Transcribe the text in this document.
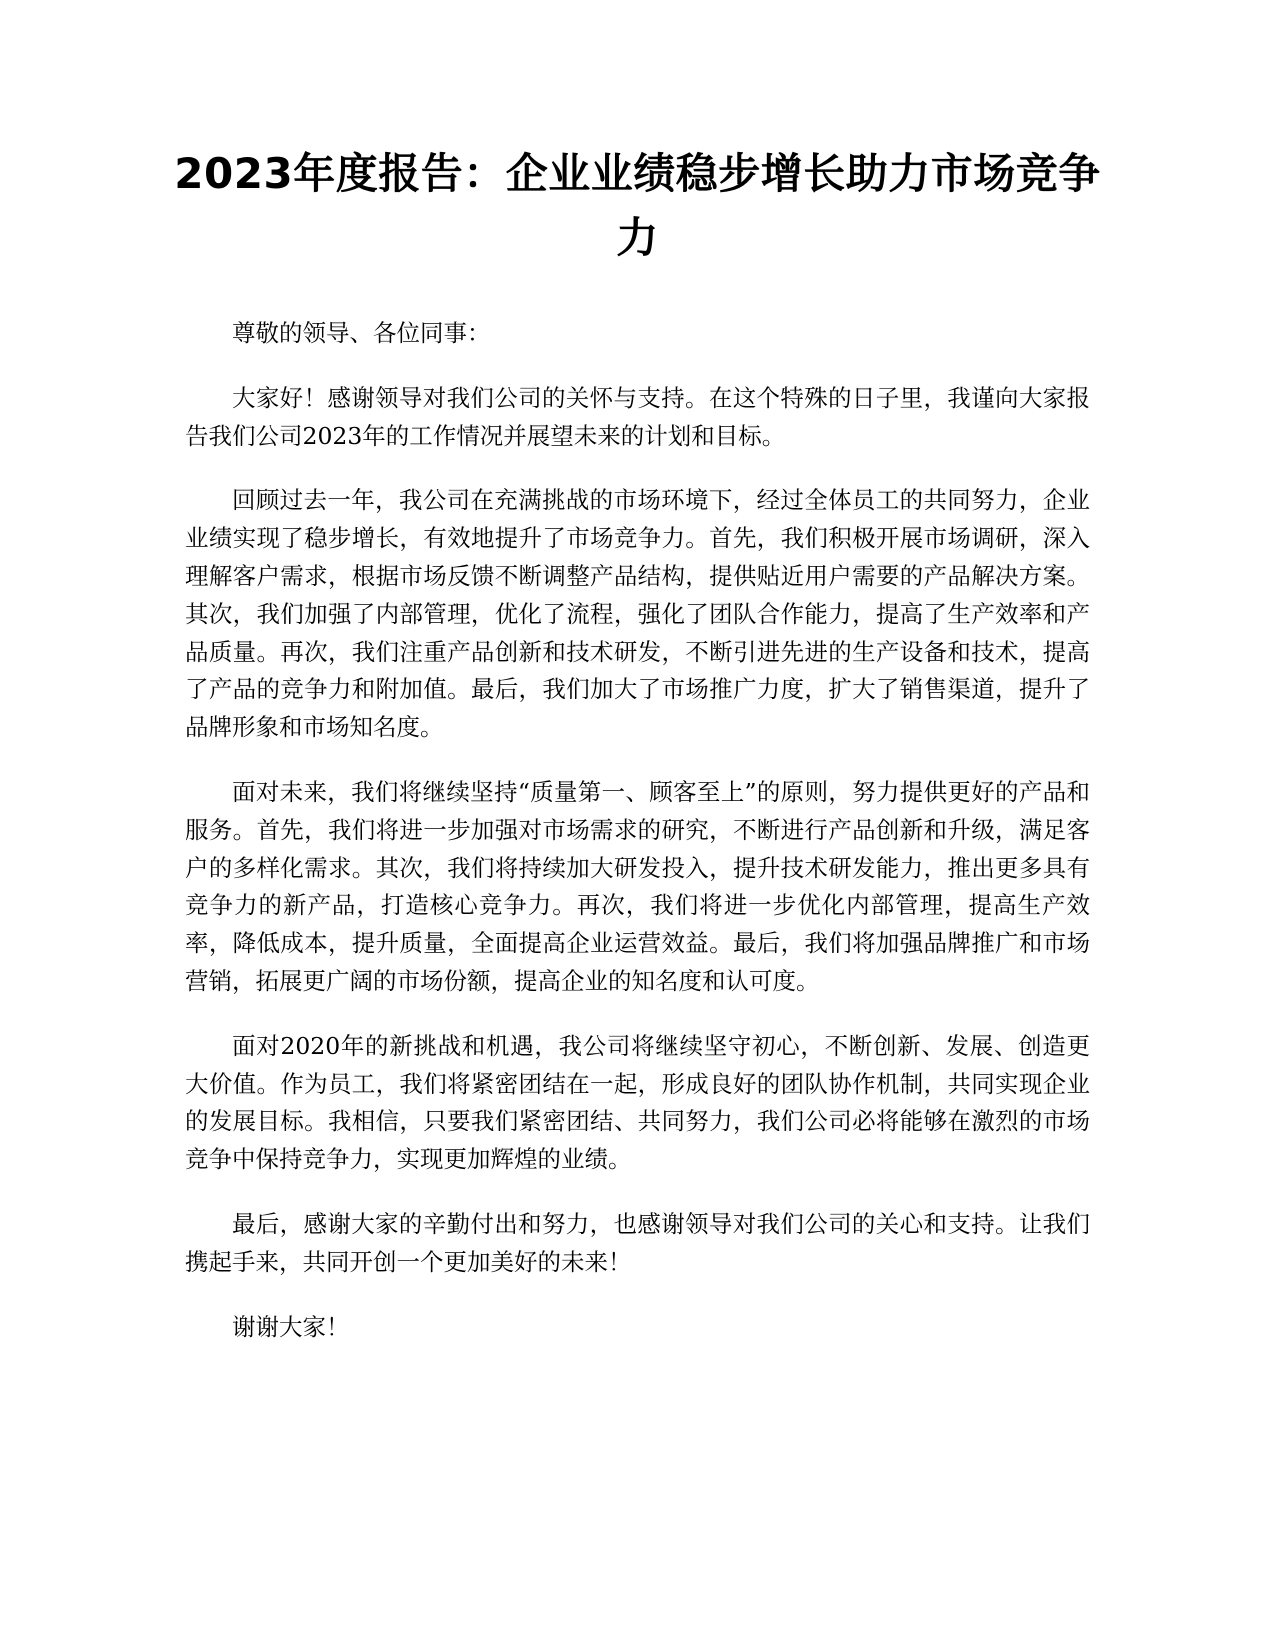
2023年度报告：企业业绩稳步增长助力市场竞争力

尊敬的领导、各位同事：

大家好！感谢领导对我们公司的关怀与支持。在这个特殊的日子里，我谨向大家报告我们公司2023年的工作情况并展望未来的计划和目标。

回顾过去一年，我公司在充满挑战的市场环境下，经过全体员工的共同努力，企业业绩实现了稳步增长，有效地提升了市场竞争力。首先，我们积极开展市场调研，深入理解客户需求，根据市场反馈不断调整产品结构，提供贴近用户需要的产品解决方案。其次，我们加强了内部管理，优化了流程，强化了团队合作能力，提高了生产效率和产品质量。再次，我们注重产品创新和技术研发，不断引进先进的生产设备和技术，提高了产品的竞争力和附加值。最后，我们加大了市场推广力度，扩大了销售渠道，提升了品牌形象和市场知名度。

面对未来，我们将继续坚持“质量第一、顾客至上”的原则，努力提供更好的产品和服务。首先，我们将进一步加强对市场需求的研究，不断进行产品创新和升级，满足客户的多样化需求。其次，我们将持续加大研发投入，提升技术研发能力，推出更多具有竞争力的新产品，打造核心竞争力。再次，我们将进一步优化内部管理，提高生产效率，降低成本，提升质量，全面提高企业运营效益。最后，我们将加强品牌推广和市场营销，拓展更广阔的市场份额，提高企业的知名度和认可度。

面对2020年的新挑战和机遇，我公司将继续坚守初心，不断创新、发展、创造更大价值。作为员工，我们将紧密团结在一起，形成良好的团队协作机制，共同实现企业的发展目标。我相信，只要我们紧密团结、共同努力，我们公司必将能够在激烈的市场竞争中保持竞争力，实现更加辉煌的业绩。

最后，感谢大家的辛勤付出和努力，也感谢领导对我们公司的关心和支持。让我们携起手来，共同开创一个更加美好的未来！

谢谢大家！
